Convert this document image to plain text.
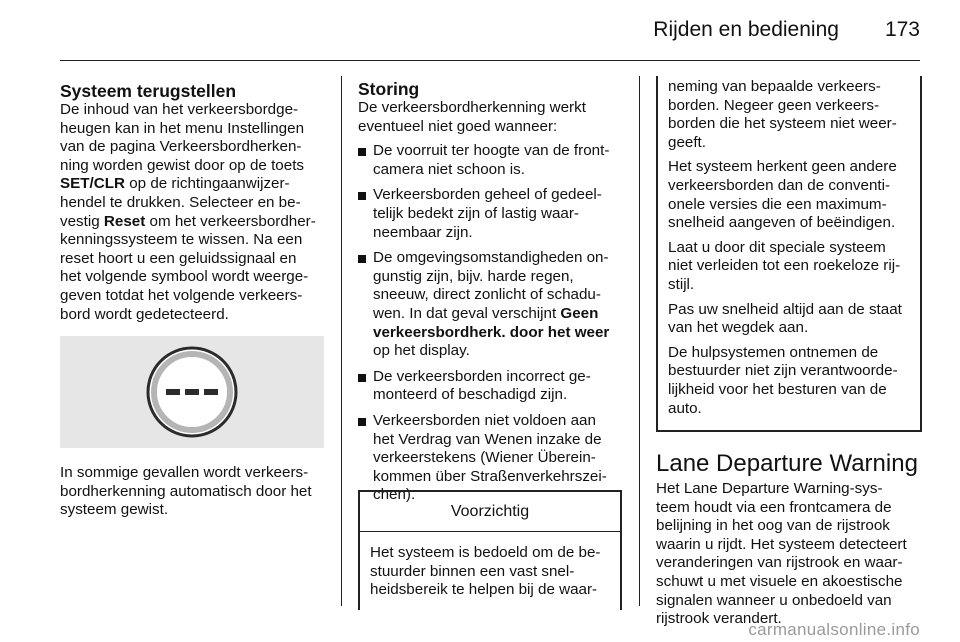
Rijden en bediening 173
Systeem terugstellen
De inhoud van het verkeersbordge-
heugen kan in het menu Instellingen
van de pagina Verkeersbordherken-
ning worden gewist door op de toets
SET/CLR op de richtingaanwijzer-
hendel te drukken. Selecteer en be-
vestig Reset om het verkeersbordher-
kenningssysteem te wissen. Na een
reset hoort u een geluidssignaal en
het volgende symbool wordt weerge-
geven totdat het volgende verkeers-
bord wordt gedetecteerd.
In sommige gevallen wordt verkeers-
bordherkenning automatisch door het
systeem gewist.
Storing
De verkeersbordherkenning werkt
eventueel niet goed wanneer:
De voorruit ter hoogte van de front-
camera niet schoon is.
Verkeersborden geheel of gedeel-
telijk bedekt zijn of lastig waar-
neembaar zijn.
De omgevingsomstandigheden on-
gunstig zijn, bijv. harde regen,
sneeuw, direct zonlicht of schadu-
wen. In dat geval verschijnt Geen
verkeersbordherk. door het weer
op het display.
De verkeersborden incorrect ge-
monteerd of beschadigd zijn.
Verkeersborden niet voldoen aan
het Verdrag van Wenen inzake de
verkeerstekens (Wiener Überein-
kommen über Straßenverkehrszei-
chen).
Voorzichtig
Het systeem is bedoeld om de be-
stuurder binnen een vast snel-
heidsbereik te helpen bij de waar-
neming van bepaalde verkeers-
borden. Negeer geen verkeers-
borden die het systeem niet weer-
geeft.
Het systeem herkent geen andere
verkeersborden dan de conventi-
onele versies die een maximum-
snelheid aangeven of beëindigen.
Laat u door dit speciale systeem
niet verleiden tot een roekeloze rij-
stijl.
Pas uw snelheid altijd aan de staat
van het wegdek aan.
De hulpsystemen ontnemen de
bestuurder niet zijn verantwoorde-
lijkheid voor het besturen van de
auto.
Lane Departure Warning
Het Lane Departure Warning-sys-
teem houdt via een frontcamera de
belijning in het oog van de rijstrook
waarin u rijdt. Het systeem detecteert
veranderingen van rijstrook en waar-
schuwt u met visuele en akoestische
signalen wanneer u onbedoeld van
rijstrook verandert.
carmanualsonline.info
